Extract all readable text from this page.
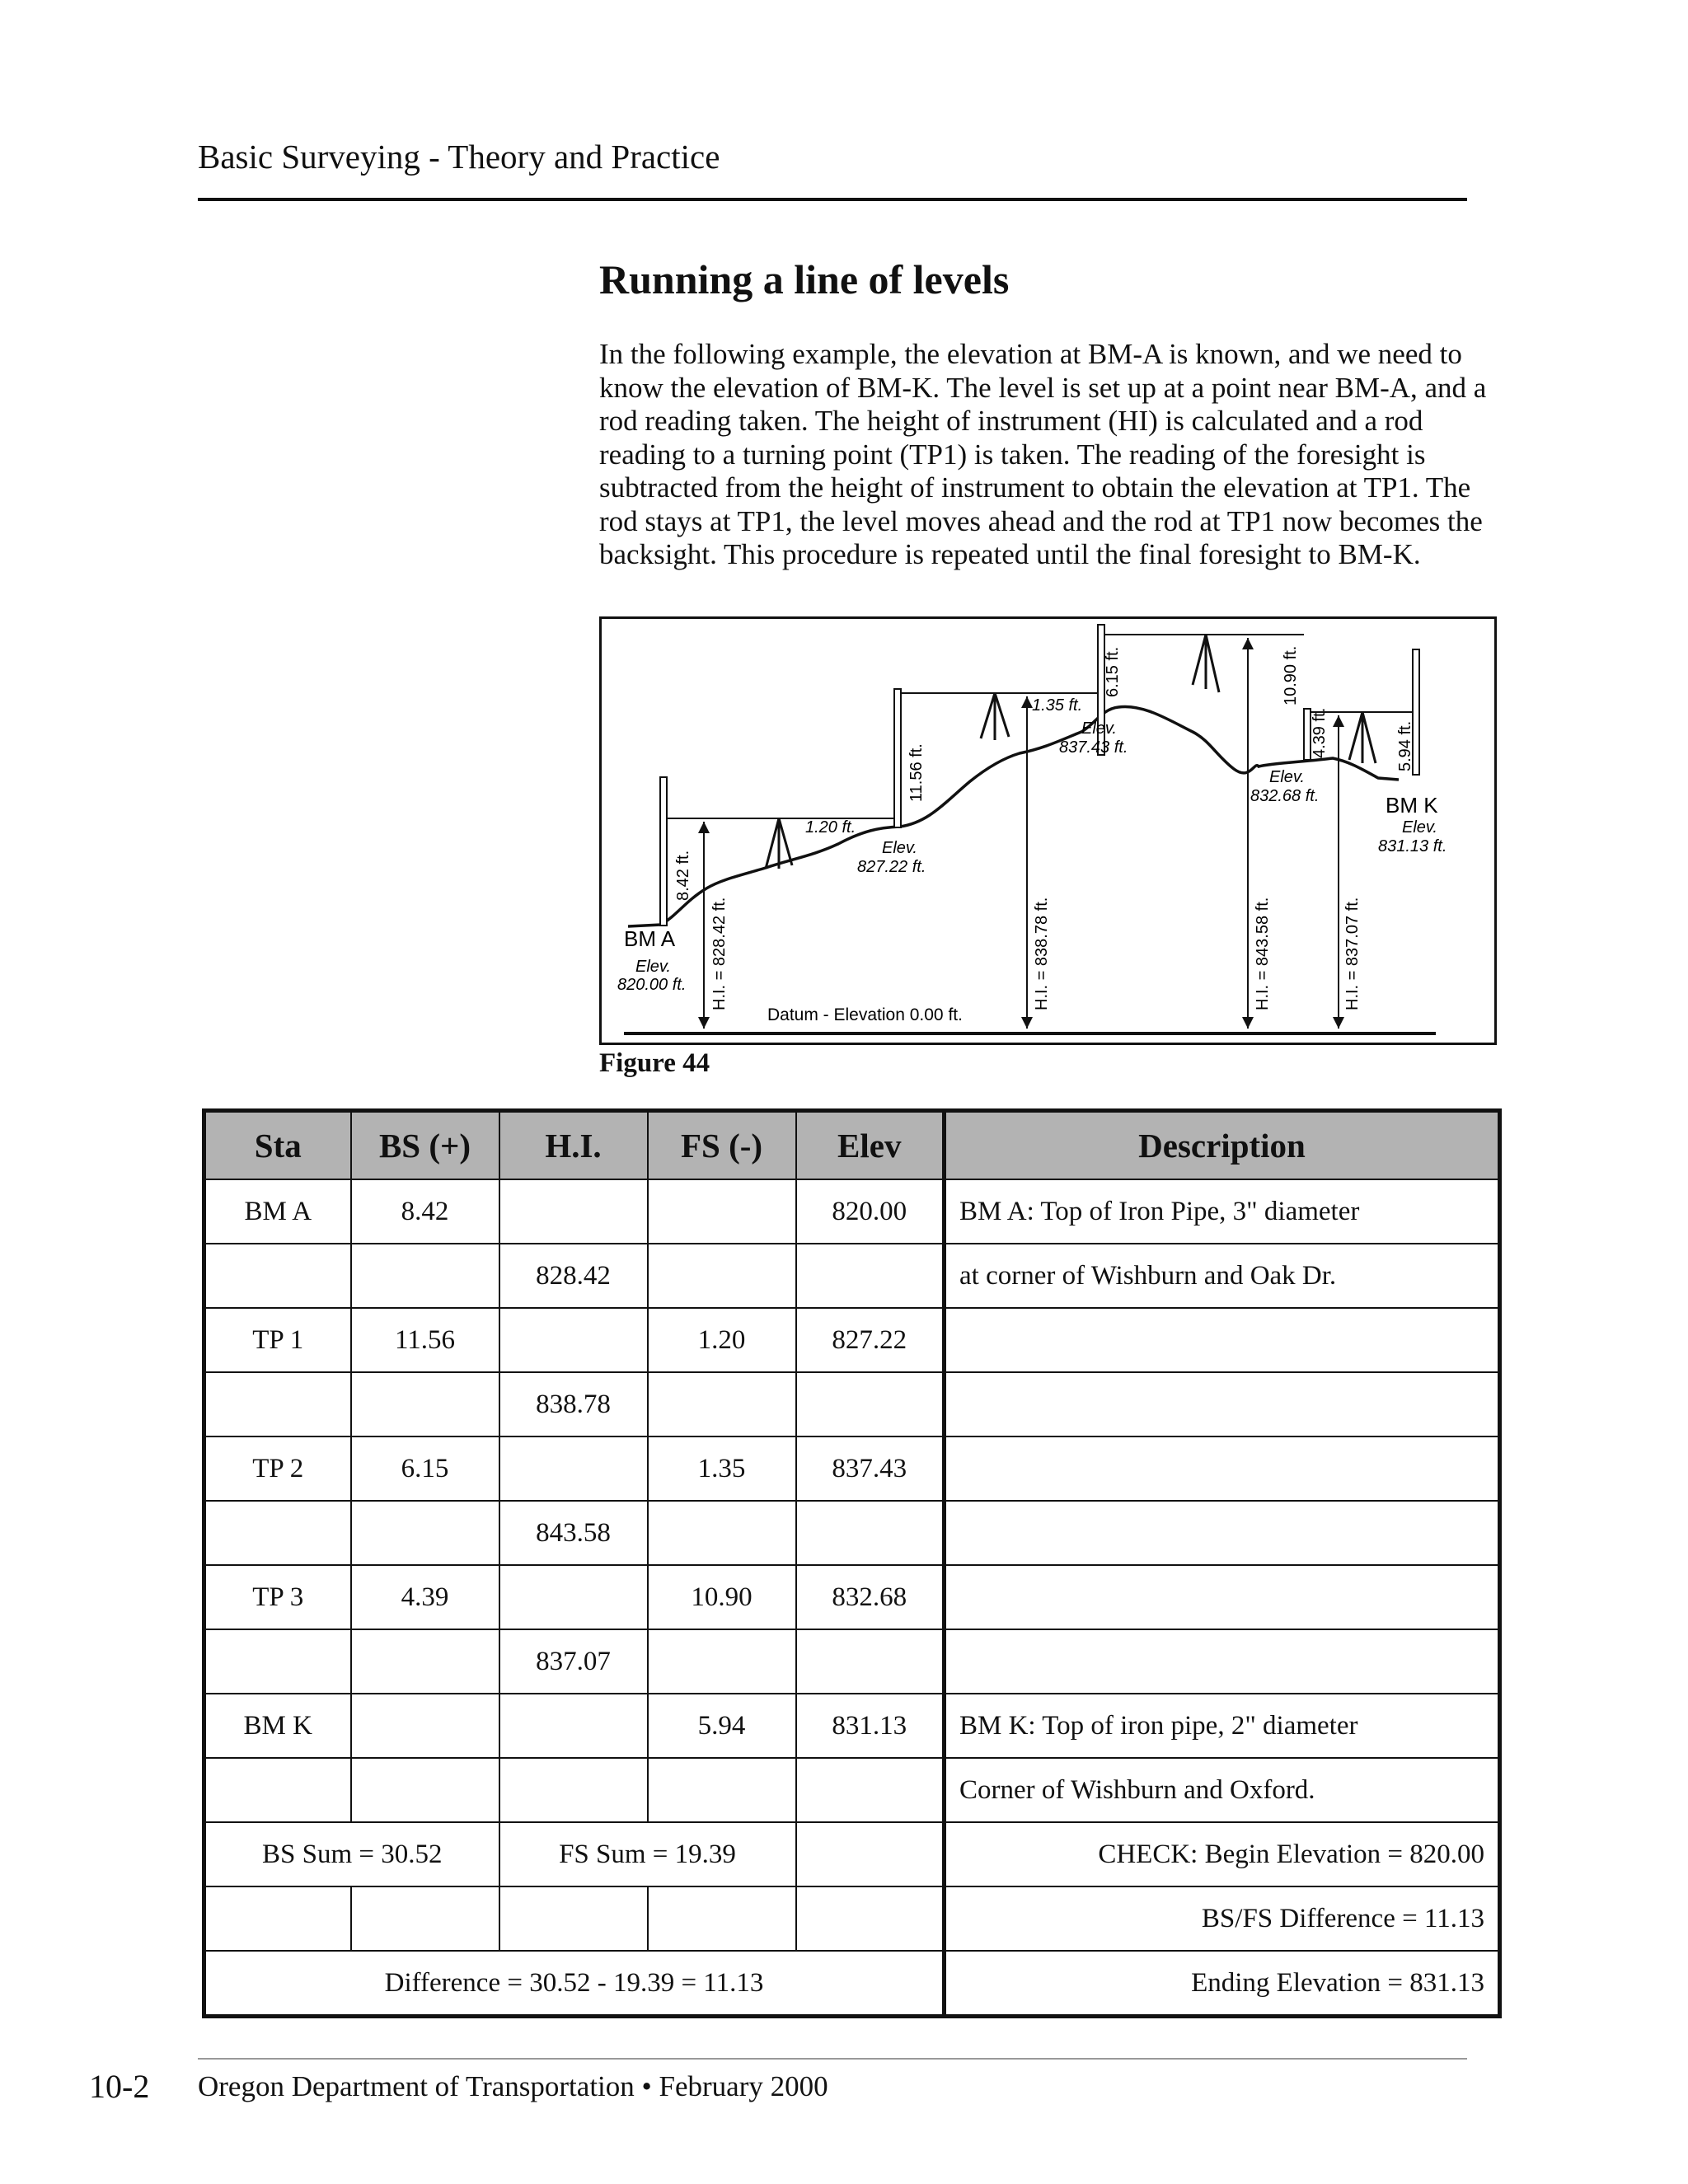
Basic Surveying - Theory and Practice
Running a line of levels

In the following example, the elevation at BM-A is known, and we need to know the elevation of BM-K. The level is set up at a point near BM-A, and a rod reading taken. The height of instrument (HI) is calculated and a rod reading to a turning point (TP1) is taken. The reading of the foresight is subtracted from the height of instrument to obtain the elevation at TP1. The rod stays at TP1, the level moves ahead and the rod at TP1 now becomes the backsight. This procedure is repeated until the final foresight to BM-K.

8.42 ft.
H.I. = 828.42 ft.
BM A
Elev.
820.00 ft.
1.20 ft.
Elev.
827.22 ft.
11.56 ft.
H.I. = 838.78 ft.
1.35 ft.
Elev.
837.43 ft.
6.15 ft.
H.I. = 843.58 ft.
10.90 ft.
Elev.
832.68 ft.
4.39 ft.
H.I. = 837.07 ft.
5.94 ft.
BM K
Elev.
831.13 ft.
Datum - Elevation 0.00 ft.
Figure 44
Sta	BS (+)	H.I.	FS (-)	Elev	Description
BM A	8.42			820.00	BM A: Top of Iron Pipe, 3" diameter
		828.42			at corner of Wishburn and Oak Dr.
TP 1	11.56		1.20	827.22	
		838.78			
TP 2	6.15		1.35	837.43	
		843.58			
TP 3	4.39		10.90	832.68	
		837.07			
BM K			5.94	831.13	BM K: Top of iron pipe, 2" diameter
					Corner of Wishburn and Oxford.
BS Sum = 30.52		FS Sum = 19.39			CHECK: Begin Elevation = 820.00
					BS/FS Difference = 11.13
Difference = 30.52 - 19.39 = 11.13					Ending Elevation = 831.13
10-2 Oregon Department of Transportation • February 2000
